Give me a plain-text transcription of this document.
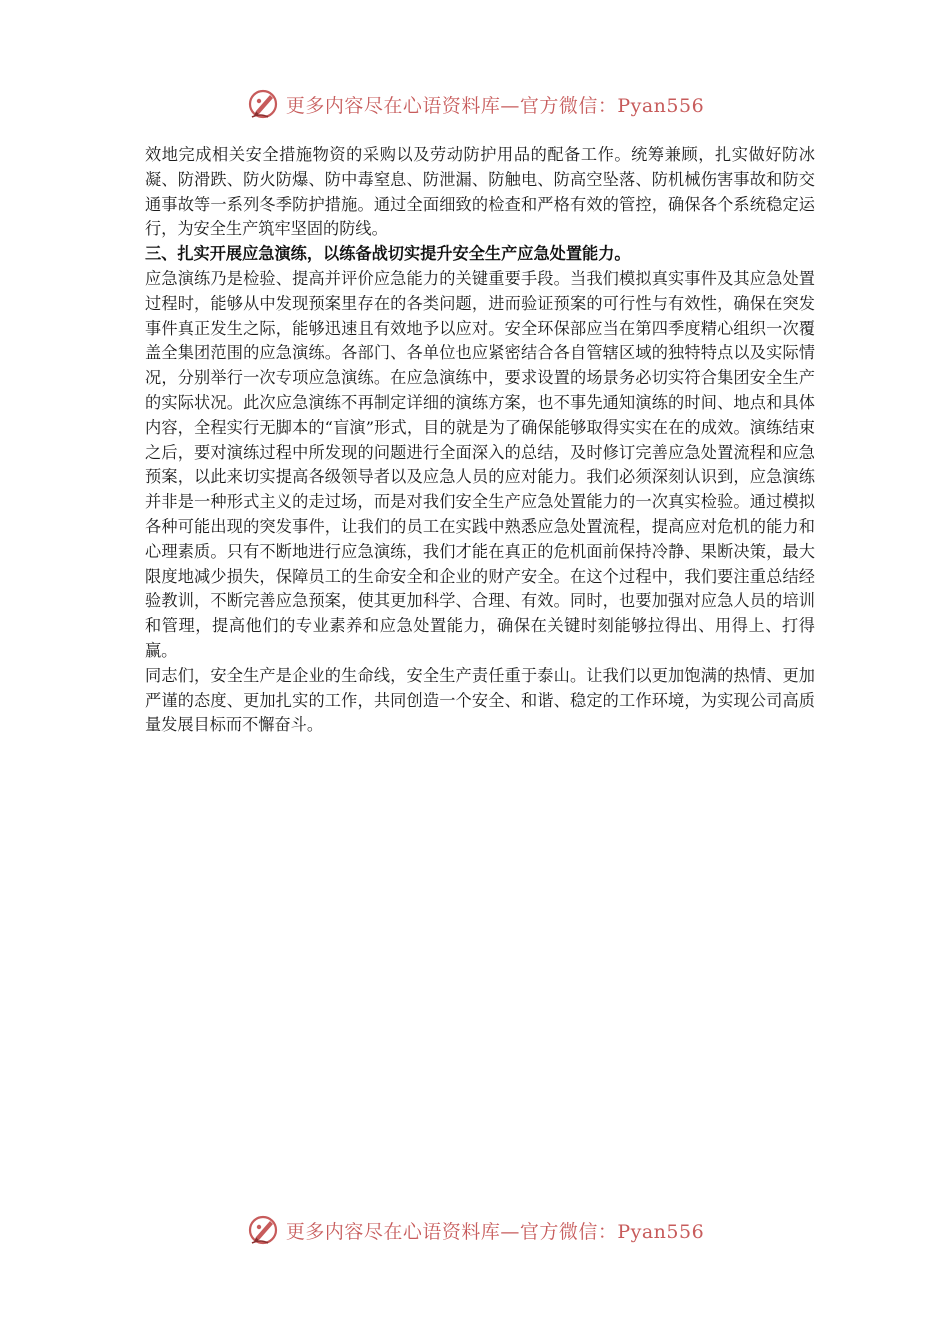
更多内容尽在心语资料库—官方微信：Pyan556

效地完成相关安全措施物资的采购以及劳动防护用品的配备工作。统筹兼顾，扎实做好防冰凝、防滑跌、防火防爆、防中毒窒息、防泄漏、防触电、防高空坠落、防机械伤害事故和防交通事故等一系列冬季防护措施。通过全面细致的检查和严格有效的管控，确保各个系统稳定运行，为安全生产筑牢坚固的防线。

三、扎实开展应急演练，以练备战切实提升安全生产应急处置能力。

应急演练乃是检验、提高并评价应急能力的关键重要手段。当我们模拟真实事件及其应急处置过程时，能够从中发现预案里存在的各类问题，进而验证预案的可行性与有效性，确保在突发事件真正发生之际，能够迅速且有效地予以应对。安全环保部应当在第四季度精心组织一次覆盖全集团范围的应急演练。各部门、各单位也应紧密结合各自管辖区域的独特特点以及实际情况，分别举行一次专项应急演练。在应急演练中，要求设置的场景务必切实符合集团安全生产的实际状况。此次应急演练不再制定详细的演练方案，也不事先通知演练的时间、地点和具体内容，全程实行无脚本的“盲演”形式，目的就是为了确保能够取得实实在在的成效。演练结束之后，要对演练过程中所发现的问题进行全面深入的总结，及时修订完善应急处置流程和应急预案，以此来切实提高各级领导者以及应急人员的应对能力。我们必须深刻认识到，应急演练并非是一种形式主义的走过场，而是对我们安全生产应急处置能力的一次真实检验。通过模拟各种可能出现的突发事件，让我们的员工在实践中熟悉应急处置流程，提高应对危机的能力和心理素质。只有不断地进行应急演练，我们才能在真正的危机面前保持冷静、果断决策，最大限度地减少损失，保障员工的生命安全和企业的财产安全。在这个过程中，我们要注重总结经验教训，不断完善应急预案，使其更加科学、合理、有效。同时，也要加强对应急人员的培训和管理，提高他们的专业素养和应急处置能力，确保在关键时刻能够拉得出、用得上、打得赢。

同志们，安全生产是企业的生命线，安全生产责任重于泰山。让我们以更加饱满的热情、更加严谨的态度、更加扎实的工作，共同创造一个安全、和谐、稳定的工作环境，为实现公司高质量发展目标而不懈奋斗。

更多内容尽在心语资料库—官方微信：Pyan556
